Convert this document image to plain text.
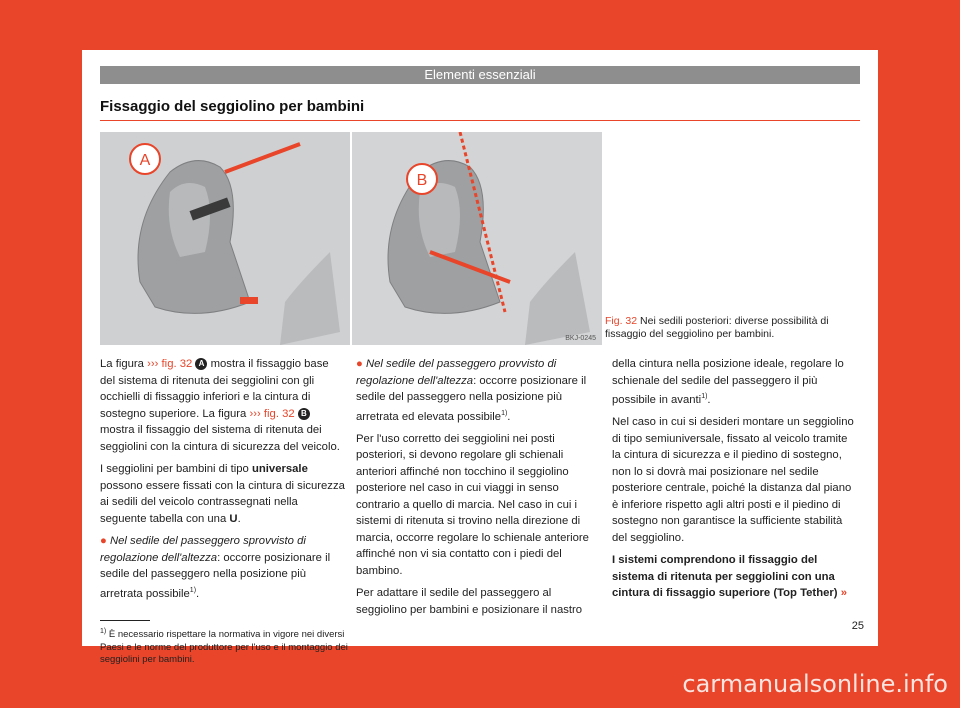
Elementi essenziali
Fissaggio del seggiolino per bambini
A
B
BKJ-0245
Fig. 32 Nei sedili posteriori: diverse possibilità di fissaggio del seggiolino per bambini.

La figura ››› fig. 32 A mostra il fissaggio base del sistema di ritenuta dei seggiolini con gli occhielli di fissaggio inferiori e la cintura di sostegno superiore. La figura ››› fig. 32 B mostra il fissaggio del sistema di ritenuta dei seggiolini con la cintura di sicurezza del veicolo.

I seggiolini per bambini di tipo universale possono essere fissati con la cintura di sicurezza ai sedili del veicolo contrassegnati nella seguente tabella con una U.

● Nel sedile del passeggero sprovvisto di regolazione dell'altezza: occorre posizionare il sedile del passeggero nella posizione più arretrata possibile$^{1)}$.

● Nel sedile del passeggero provvisto di regolazione dell'altezza: occorre posizionare il sedile del passeggero nella posizione più arretrata ed elevata possibile$^{1)}$.

Per l'uso corretto dei seggiolini nei posti posteriori, si devono regolare gli schienali anteriori affinché non tocchino il seggiolino posteriore nel caso in cui viaggi in senso contrario a quello di marcia. Nel caso in cui i sistemi di ritenuta si trovino nella direzione di marcia, occorre regolare lo schienale anteriore affinché non vi sia contatto con i piedi del bambino.

Per adattare il sedile del passeggero al seggiolino per bambini e posizionare il nastro

della cintura nella posizione ideale, regolare lo schienale del sedile del passeggero il più possibile in avanti$^{1)}$.

Nel caso in cui si desideri montare un seggiolino di tipo semiuniversale, fissato al veicolo tramite la cintura di sicurezza e il piedino di sostegno, non lo si dovrà mai posizionare nel sedile posteriore centrale, poiché la distanza dal piano è inferiore rispetto agli altri posti e il piedino di sostegno non garantisce la sufficiente stabilità del seggiolino.

I sistemi comprendono il fissaggio del sistema di ritenuta per seggiolini con una cintura di fissaggio superiore (Top Tether) »

$^{1)}$ È necessario rispettare la normativa in vigore nei diversi Paesi e le norme del produttore per l'uso e il montaggio dei seggiolini per bambini.
25
carmanualsonline.info
